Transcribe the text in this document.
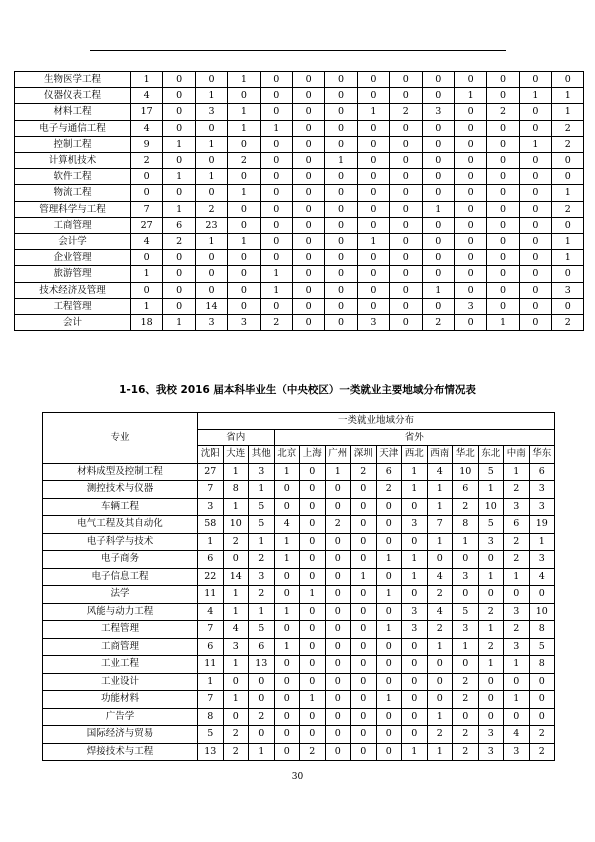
生物医学工程	1	0	0	1	0	0	0	0	0	0	0	0	0	0
仪器仪表工程	4	0	1	0	0	0	0	0	0	0	1	0	1	1
材料工程	17	0	3	1	0	0	0	1	2	3	0	2	0	1
电子与通信工程	4	0	0	1	1	0	0	0	0	0	0	0	0	2
控制工程	9	1	1	0	0	0	0	0	0	0	0	0	1	2
计算机技术	2	0	0	2	0	0	1	0	0	0	0	0	0	0
软件工程	0	1	1	0	0	0	0	0	0	0	0	0	0	0
物流工程	0	0	0	1	0	0	0	0	0	0	0	0	0	1
管理科学与工程	7	1	2	0	0	0	0	0	0	1	0	0	0	2
工商管理	27	6	23	0	0	0	0	0	0	0	0	0	0	0
会计学	4	2	1	1	0	0	0	1	0	0	0	0	0	1
企业管理	0	0	0	0	0	0	0	0	0	0	0	0	0	1
旅游管理	1	0	0	0	1	0	0	0	0	0	0	0	0	0
技术经济及管理	0	0	0	0	1	0	0	0	0	1	0	0	0	3
工程管理	1	0	14	0	0	0	0	0	0	0	3	0	0	0
会计	18	1	3	3	2	0	0	3	0	2	0	1	0	2
1-16、我校 2016 届本科毕业生（中央校区）一类就业主要地域分布情况表
专业	一类就业地域分布													
	省内			省外										
	沈阳	大连	其他	北京	上海	广州	深圳	天津	西北	西南	华北	东北	中南	华东
材料成型及控制工程	27	1	3	1	0	1	2	6	1	4	10	5	1	6
测控技术与仪器	7	8	1	0	0	0	0	2	1	1	6	1	2	3
车辆工程	3	1	5	0	0	0	0	0	0	1	2	10	3	3
电气工程及其自动化	58	10	5	4	0	2	0	0	3	7	8	5	6	19
电子科学与技术	1	2	1	1	0	0	0	0	0	1	1	3	2	1
电子商务	6	0	2	1	0	0	0	1	1	0	0	0	2	3
电子信息工程	22	14	3	0	0	0	1	0	1	4	3	1	1	4
法学	11	1	2	0	1	0	0	1	0	2	0	0	0	0
风能与动力工程	4	1	1	1	0	0	0	0	3	4	5	2	3	10
工程管理	7	4	5	0	0	0	0	1	3	2	3	1	2	8
工商管理	6	3	6	1	0	0	0	0	0	1	1	2	3	5
工业工程	11	1	13	0	0	0	0	0	0	0	0	1	1	8
工业设计	1	0	0	0	0	0	0	0	0	0	2	0	0	0
功能材料	7	1	0	0	1	0	0	1	0	0	2	0	1	0
广告学	8	0	2	0	0	0	0	0	0	1	0	0	0	0
国际经济与贸易	5	2	0	0	0	0	0	0	0	2	2	3	4	2
焊接技术与工程	13	2	1	0	2	0	0	0	1	1	2	3	3	2
30
